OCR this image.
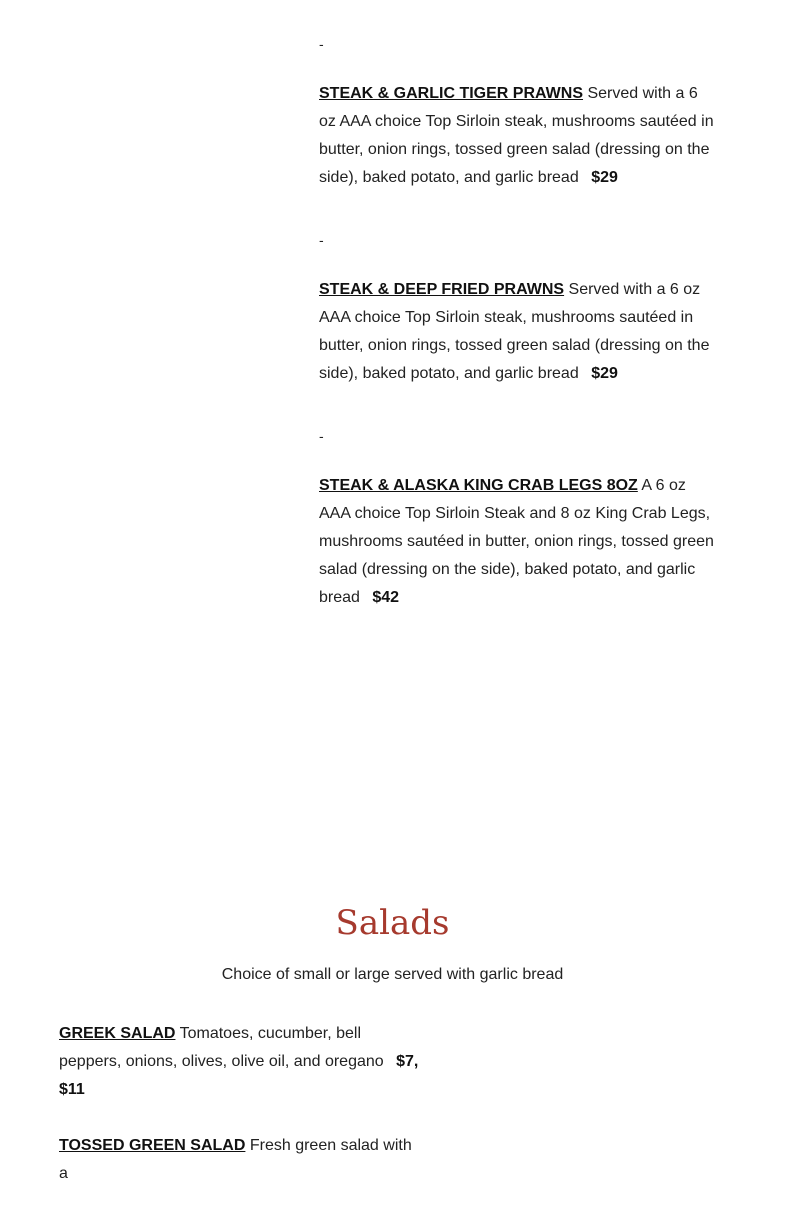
-
STEAK & GARLIC TIGER PRAWNS Served with a 6 oz AAA choice Top Sirloin steak, mushrooms sautéed in butter, onion rings, tossed green salad (dressing on the side), baked potato, and garlic bread $29
-
STEAK & DEEP FRIED PRAWNS Served with a 6 oz AAA choice Top Sirloin steak, mushrooms sautéed in butter, onion rings, tossed green salad (dressing on the side), baked potato, and garlic bread $29
-
STEAK & ALASKA KING CRAB LEGS 8OZ A 6 oz AAA choice Top Sirloin Steak and 8 oz King Crab Legs, mushrooms sautéed in butter, onion rings, tossed green salad (dressing on the side), baked potato, and garlic bread $42
Salads
Choice of small or large served with garlic bread
GREEK SALAD Tomatoes, cucumber, bell peppers, onions, olives, olive oil, and oregano $7, $11
TOSSED GREEN SALAD Fresh green salad with a
